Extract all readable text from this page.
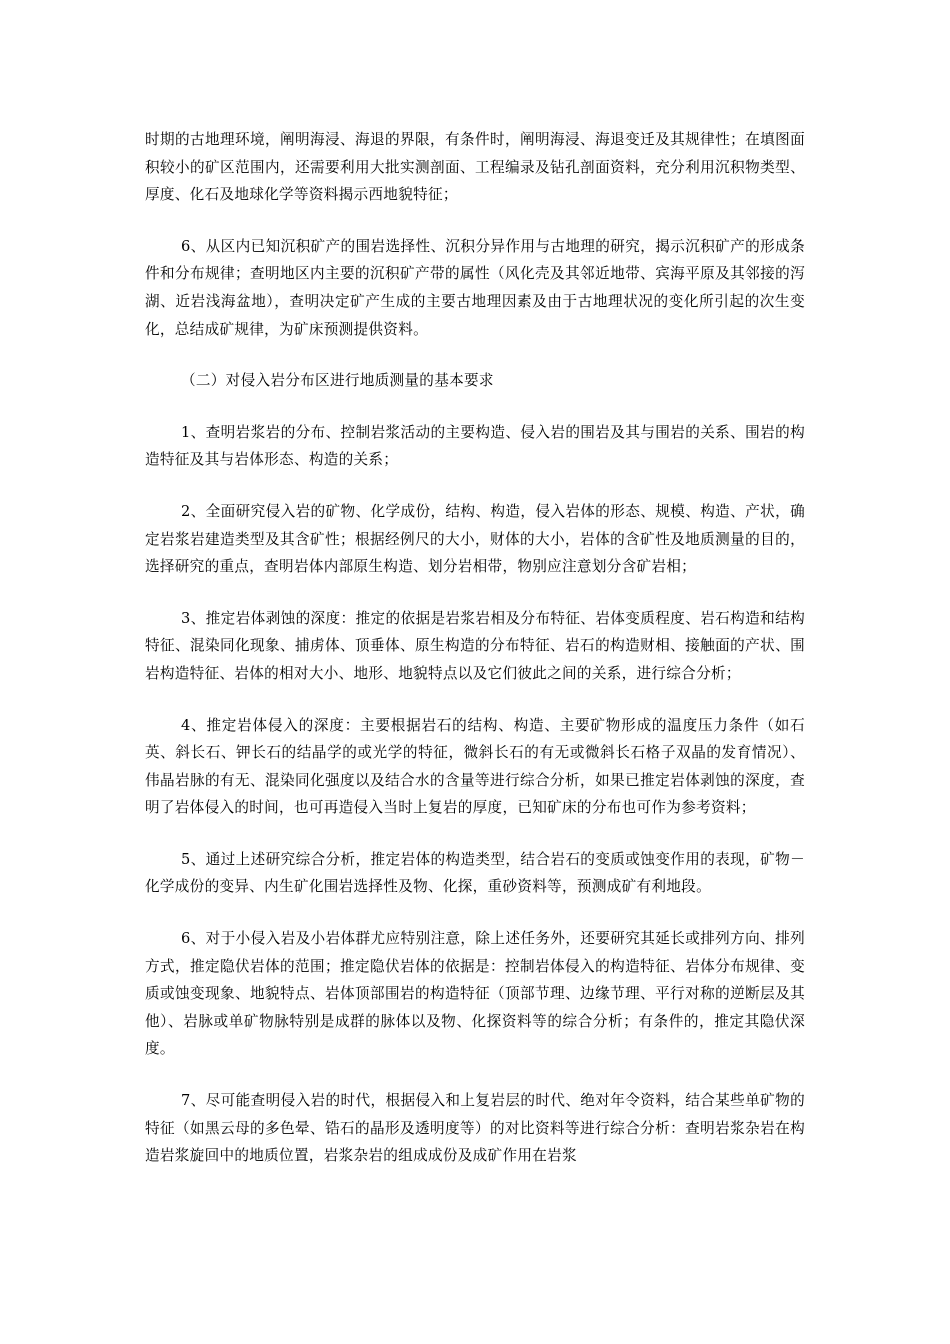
时期的古地理环境，阐明海浸、海退的界限，有条件时，阐明海浸、海退变迁及其规律性；在填图面积较小的矿区范围内，还需要利用大批实测剖面、工程编录及钻孔剖面资料，充分利用沉积物类型、厚度、化石及地球化学等资料揭示西地貌特征；

6、从区内已知沉积矿产的围岩选择性、沉积分异作用与古地理的研究，揭示沉积矿产的形成条件和分布规律；查明地区内主要的沉积矿产带的属性（风化壳及其邻近地带、宾海平原及其邻接的泻湖、近岩浅海盆地），查明决定矿产生成的主要古地理因素及由于古地理状况的变化所引起的次生变化，总结成矿规律，为矿床预测提供资料。

（二）对侵入岩分布区进行地质测量的基本要求

1、查明岩浆岩的分布、控制岩浆活动的主要构造、侵入岩的围岩及其与围岩的关系、围岩的构造特征及其与岩体形态、构造的关系；

2、全面研究侵入岩的矿物、化学成份，结构、构造，侵入岩体的形态、规模、构造、产状，确定岩浆岩建造类型及其含矿性；根据经例尺的大小，财体的大小，岩体的含矿性及地质测量的目的，选择研究的重点，查明岩体内部原生构造、划分岩相带，物别应注意划分含矿岩相；

3、推定岩体剥蚀的深度：推定的依据是岩浆岩相及分布特征、岩体变质程度、岩石构造和结构特征、混染同化现象、捕虏体、顶垂体、原生构造的分布特征、岩石的构造财相、接触面的产状、围岩构造特征、岩体的相对大小、地形、地貌特点以及它们彼此之间的关系，进行综合分析；

4、推定岩体侵入的深度：主要根据岩石的结构、构造、主要矿物形成的温度压力条件（如石英、斜长石、钾长石的结晶学的或光学的特征，微斜长石的有无或微斜长石格子双晶的发育情况）、伟晶岩脉的有无、混染同化强度以及结合水的含量等进行综合分析，如果已推定岩体剥蚀的深度，查明了岩体侵入的时间，也可再造侵入当时上复岩的厚度，已知矿床的分布也可作为参考资料；

5、通过上述研究综合分析，推定岩体的构造类型，结合岩石的变质或蚀变作用的表现，矿物－化学成份的变异、内生矿化围岩选择性及物、化探，重砂资料等，预测成矿有利地段。

6、对于小侵入岩及小岩体群尤应特别注意，除上述任务外，还要研究其延长或排列方向、排列方式，推定隐伏岩体的范围；推定隐伏岩体的依据是：控制岩体侵入的构造特征、岩体分布规律、变质或蚀变现象、地貌特点、岩体顶部围岩的构造特征（顶部节理、边缘节理、平行对称的逆断层及其他）、岩脉或单矿物脉特别是成群的脉体以及物、化探资料等的综合分析；有条件的，推定其隐伏深度。

7、尽可能查明侵入岩的时代，根据侵入和上复岩层的时代、绝对年令资料，结合某些单矿物的特征（如黑云母的多色晕、锆石的晶形及透明度等）的对比资料等进行综合分析：查明岩浆杂岩在构造岩浆旋回中的地质位置，岩浆杂岩的组成成份及成矿作用在岩浆
